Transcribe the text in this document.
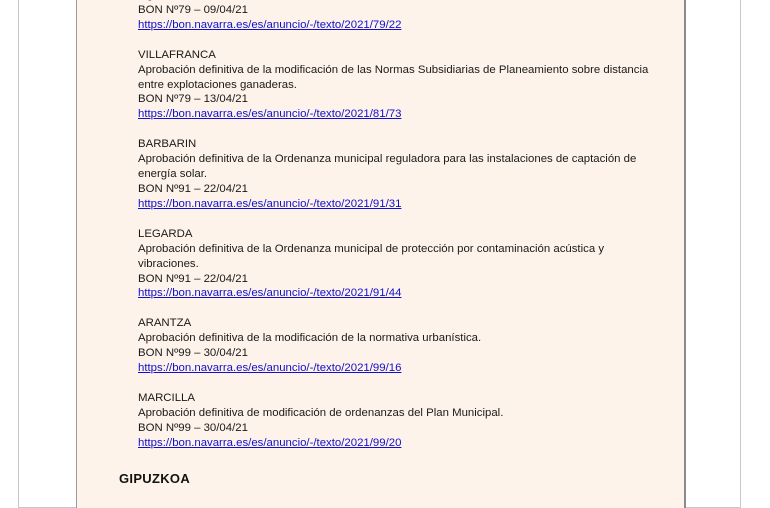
BON Nº79 – 09/04/21
https://bon.navarra.es/es/anuncio/-/texto/2021/79/22
VILLAFRANCA
Aprobación definitiva de la modificación de las Normas Subsidiarias de Planeamiento sobre distancia
entre explotaciones ganaderas.
BON Nº79 – 13/04/21
https://bon.navarra.es/es/anuncio/-/texto/2021/81/73
BARBARIN
Aprobación definitiva de la Ordenanza municipal reguladora para las instalaciones de captación de
energía solar.
BON Nº91 – 22/04/21
https://bon.navarra.es/es/anuncio/-/texto/2021/91/31
LEGARDA
Aprobación definitiva de la Ordenanza municipal de protección por contaminación acústica y
vibraciones.
BON Nº91 – 22/04/21
https://bon.navarra.es/es/anuncio/-/texto/2021/91/44
ARANTZA
Aprobación definitiva de la modificación de la normativa urbanística.
BON Nº99 – 30/04/21
https://bon.navarra.es/es/anuncio/-/texto/2021/99/16
MARCILLA
Aprobación definitiva de modificación de ordenanzas del Plan Municipal.
BON Nº99 – 30/04/21
https://bon.navarra.es/es/anuncio/-/texto/2021/99/20
GIPUZKOA
